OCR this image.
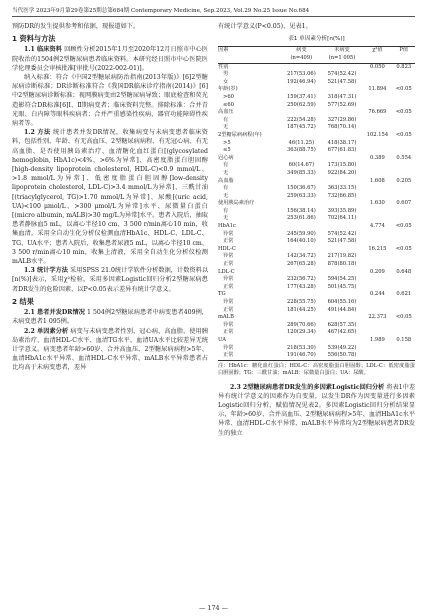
当代医学 2023年9月第29卷第25期总第684期 Contemporary Medicine, Sep.2023, Vol.29 No.25 Issue No.684

预防DR的发生提供参考和依据，现报道如下。

1 资料与方法

1.1 临床资料 回顾性分析2015年1月至2020年12月日照市中心医院收治的1504例2型糖尿病患者临床资料。本研究经日照市中心医院医学伦理委员会审核批准[审批号(2022-002-01)]。

纳入标准：符合《中国2型糖尿病防治指南(2013年版)》[6]2型糖尿病诊断标准；DR诊断标准符合《我国DR临床诊疗指南(2014)》[6]中2型糖尿病诊断标准；视网膜病变由2型糖尿病导致；眼底检查和荧光造影符合DR标准[6]Ⅰ、Ⅱ期病变者；临床资料完整。排除标准：合并青光眼、白内障等眼科疾病者；合并严重感染性疾病、器官功能障碍性疾病者等。

1.2 方法 统计患者并发DR情况，收集病变与未病变患者临床资料，包括性别、年龄、有无高血压、2型糖尿病病程、有无冠心病、有无高血脂、是否使用胰岛素治疗、血清糖化血红蛋白[(glycosylated hemoglobin, HbA1c)<4%、>6%为异常]、高密度脂蛋白胆固醇[high-density lipoprotein cholesterol, HDL-C)<0.9 mmol/L、>1.8 mmol/L为异常]、低密度脂蛋白胆固醇[low-density lipoprotein cholesterol, LDL-C)>3.4 mmol/L为异常]、三酰甘油[(triacylglycerol, TG)>1.70 mmol/L为异常]、尿酸[(uric acid, UA)<100 μmol/L、>300 μmol/L为异常]水平、尿微量白蛋白[(micro albumin, mALB)>30 mg/L为异常]水平。患者入院后，抽取患者静脉血5 mL，以离心半径10 cm、3 500 r/min离心10 min，收集血清，采用全自动生化分析仪检测血清HbA1c、HDL-C、LDL-C、TG、UA水平；患者入院后，收集患者尿液5 mL，以离心半径10 cm、3 500 r/min离心10 min，收集上清液，采用全自动生化分析仪检测mALB水平。

1.3 统计学方法 采用SPSS 21.0统计学软件分析数据，计数资料以[n(%)]表示，采用χ²检验，采用多因素Logistic回归分析2型糖尿病患者DR发生的危险因素，以P<0.05表示差异有统计学意义。

2 结果

2.1 患者并发DR情况 1 504例2型糖尿病患者中病变患者409例，未病变患者1 095例。

2.2 单因素分析 病变与未病变患者性别、冠心病、高血脂、使用胰岛素治疗、血清HDL-C水平、血清TG水平、血清UA水平比较差异无统计学意义。病变患者年龄>60岁、合并高血压、2型糖尿病病程>5年、血清HbA1c水平异常、血清HDL-C水平异常、mALB水平异常患者占比均高于未病变患者，差异

有统计学意义(P<0.05)，见表1。

表1 单因素分析[n(%)]
因素	病变	未病变	χ²值	P值
	(n=409)	(n=1 095)		
性别			0.050	0.823
男	217(53.06)	574(52.42)		
女	192(46.94)	521(47.58)		
年龄(岁)			11.894	<0.05
>60	159(37.41)	318(47.31)		
≤60	250(62.59)	577(52.69)		
高血压			76.669	<0.05
有	222(54.28)	327(29.86)		
无	187(45.72)	768(70.14)		
2型糖尿病病程(年)			102.154	<0.05
>5	46(11.25)	418(38.17)		
≤5	363(88.75)	677(61.83)		
冠心病			0.389	0.554
有	60(14.67)	173(15.80)		
无	349(85.33)	922(84.20)		
高血脂			1.608	0.205
有	150(36.67)	363(33.15)		
无	259(63.33)	732(66.85)		
使用胰岛素治疗			1.630	0.607
有	156(38.14)	393(35.89)		
无	253(61.86)	702(64.11)		
HbA1c			4.774	<0.05
异常	245(59.90)	574(52.42)		
正常	164(40.10)	521(47.58)		
HDL-C			16.215	<0.05
异常	142(34.72)	217(19.82)		
正常	267(65.28)	878(80.18)		
LDL-C			0.209	0.648
异常	232(56.72)	594(54.25)		
正常	177(43.28)	501(45.75)		
TG			0.244	0.621
异常	228(55.75)	604(55.16)		
正常	181(44.25)	491(44.84)		
mALB			22.373	<0.05
异常	289(70.66)	628(57.35)		
正常	120(29.34)	467(42.65)		
UA			1.989	0.158
异常	218(53.30)	539(49.22)		
正常	191(46.70)	556(50.78)		
注：HbA1c：糖化血红蛋白；HDL-C：高密度脂蛋白胆固醇；LDL-C：低密度脂蛋白胆固醇；TG：三酰甘油；mALB：尿微量白蛋白；UA：尿酸。

2.3 2型糖尿病患者DR发生的多因素Logistic回归分析 将表1中差异有统计学意义的因素作为自变量，以发生DR作为因变量进行多因素Logistic回归分析，赋值情况见表2。多因素Logistic回归分析结果显示，年龄>60岁、合并高血压、2型糖尿病病程>5年、血清HbA1c水平异常、血清HDL-C水平异常、mALB水平异常均为2型糖尿病患者DR发生的独立

— 174 —
